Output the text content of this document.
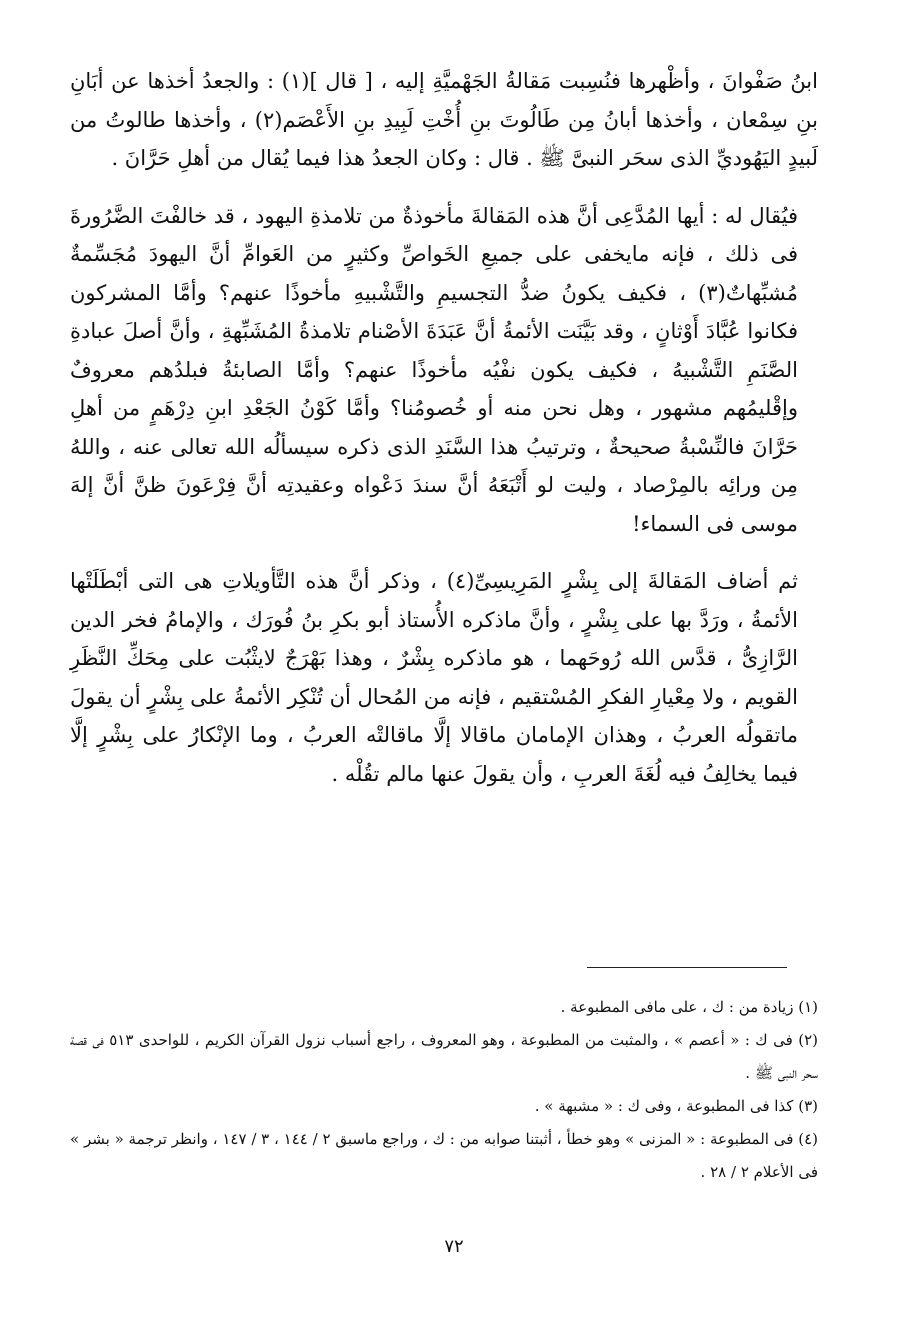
ابنُ صَفْوانَ ، وأظْهرها فنُسِبت مَقالةُ الجَهْميَّةِ إليه ، [ قال ](١) : والجعدُ أخذها عن أبَانِ بنِ سِمْعان ، وأخذها أبانُ مِن طَالُوتَ بنِ أُخْتِ لَبِيدِ بنِ الأَعْصَم(٢) ، وأخذها طالوتُ من لَبيدٍ اليَهُوديِّ الذى سحَر النبىَّ ﷺ . قال : وكان الجعدُ هذا فيما يُقال من أهلِ حَرَّانَ .

فيُقال له : أيها المُدَّعِى أنَّ هذه المَقالةَ مأخوذةٌ من تلامذةِ اليهود ، قد خالفْتَ الضَّرُورةَ فى ذلك ، فإنه مايخفى على جميعِ الخَواصِّ وكثيرٍ من العَوامِّ أنَّ اليهودَ مُجَسِّمةٌ مُشبِّهاتٌ(٣) ، فكيف يكونُ ضدُّ التجسيمِ والتَّشْبيهِ مأخوذًا عنهم؟ وأمَّا المشركون فكانوا عُبَّادَ أَوْثانٍ ، وقد بَيَّنَت الأئمةُ أنَّ عَبَدَةَ الأصْنام تلامذةُ المُشَبِّهةِ ، وأنَّ أصلَ عبادةِ الصَّنَمِ التَّشْبيهُ ، فكيف يكون نفْيُه مأخوذًا عنهم؟ وأمَّا الصابئةُ فبلدُهم معروفٌ وإقْليمُهم مشهور ، وهل نحن منه أو خُصومُنا؟ وأمَّا كَوْنُ الجَعْدِ ابنِ دِرْهَمٍ من أهلِ حَرَّانَ فالنِّسْبةُ صحيحةٌ ، وترتيبُ هذا السَّنَدِ الذى ذكره سيسألُه الله تعالى عنه ، واللهُ مِن ورائِه بالمِرْصاد ، وليت لو أَتْبَعَهُ أنَّ سندَ دَعْواه وعقيدتِه أنَّ فِرْعَونَ ظنَّ أنَّ إلهَ موسى فى السماء!

ثم أضاف المَقالةَ إلى بِشْرٍ المَرِيسِىِّ(٤) ، وذكر أنَّ هذه التَّأويلاتِ هى التى أبْطَلَتْها الأئمةُ ، ورَدَّ بها على بِشْرٍ ، وأنَّ ماذكره الأُستاذ أبو بكرِ بنُ فُورَك ، والإمامُ فخر الدين الرَّازِىُّ ، قدَّس الله رُوحَهما ، هو ماذكره بِشْرٌ ، وهذا بَهْرَجٌ لايثْبُت على مِحَكِّ النَّظَرِ القويم ، ولا مِعْيارِ الفكرِ المُسْتقيم ، فإنه من المُحال أن تُنْكِر الأئمةُ على بِشْرٍ أن يقولَ ماتقولُه العربُ ، وهذان الإمامان ماقالا إلَّا ماقالتْه العربُ ، وما الإنْكارُ على بِشْرٍ إلَّا فيما يخالِفُ فيه لُغَةَ العربِ ، وأن يقولَ عنها مالم تقُلْه .

(١) زيادة من : ك ، على مافى المطبوعة .

(٢) فى ك : « أعصم » ، والمثبت من المطبوعة ، وهو المعروف ، راجع أسباب نزول القرآن الكريم ، للواحدى ٥١٣ فى قصة سحر النبى ﷺ .

(٣) كذا فى المطبوعة ، وفى ك : « مشبهة » .

(٤) فى المطبوعة : « المزنى » وهو خطأ ، أثبتنا صوابه من : ك ، وراجع ماسبق ٢ / ١٤٤ ، ٣ / ١٤٧ ، وانظر ترجمة « بشر » فى الأعلام ٢ / ٢٨ .

٧٢
